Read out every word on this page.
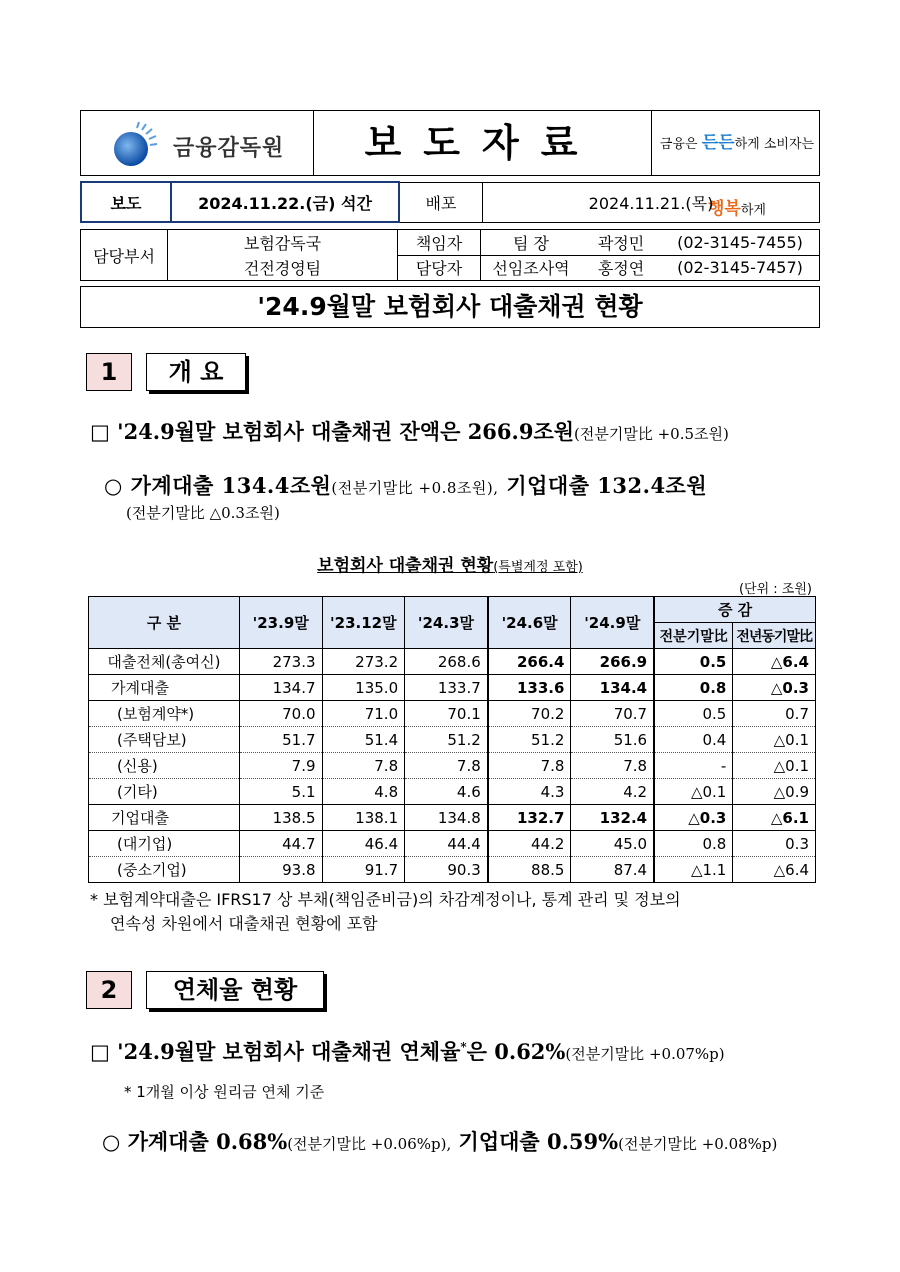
금융감독원	보도자료	금융은 든든하게 소비자는 행복하게
보도	2024.11.22.(금) 석간	배포	2024.11.21.(목)
담당부서	보험감독국	책임자	팀 장	곽정민	(02-3145-7455)
	건전경영팀	담당자	선임조사역	홍정연	(02-3145-7457)
'24.9월말 보험회사 대출채권 현황
1	개 요
□ '24.9월말 보험회사 대출채권 잔액은 266.9조원(전분기말比 +0.5조원)
○ 가계대출 134.4조원(전분기말比 +0.8조원), 기업대출 132.4조원
(전분기말比 △0.3조원)
보험회사 대출채권 현황(특별계정 포함)
(단위 : 조원)
구 분	'23.9말	'23.12말	'24.3말	'24.6말	'24.9말	증 감	
						전분기말比	전년동기말比
대출전체(총여신)	273.3	273.2	268.6	266.4	266.9	0.5	△6.4
가계대출	134.7	135.0	133.7	133.6	134.4	0.8	△0.3
(보험계약*)	70.0	71.0	70.1	70.2	70.7	0.5	0.7
(주택담보)	51.7	51.4	51.2	51.2	51.6	0.4	△0.1
(신용)	7.9	7.8	7.8	7.8	7.8	-	△0.1
(기타)	5.1	4.8	4.6	4.3	4.2	△0.1	△0.9
기업대출	138.5	138.1	134.8	132.7	132.4	△0.3	△6.1
(대기업)	44.7	46.4	44.4	44.2	45.0	0.8	0.3
(중소기업)	93.8	91.7	90.3	88.5	87.4	△1.1	△6.4
* 보험계약대출은 IFRS17 상 부채(책임준비금)의 차감계정이나, 통계 관리 및 정보의
연속성 차원에서 대출채권 현황에 포함
2	연체율 현황
□ '24.9월말 보험회사 대출채권 연체율*은 0.62%(전분기말比 +0.07%p)
* 1개월 이상 원리금 연체 기준
○ 가계대출 0.68%(전분기말比 +0.06%p), 기업대출 0.59%(전분기말比 +0.08%p)
